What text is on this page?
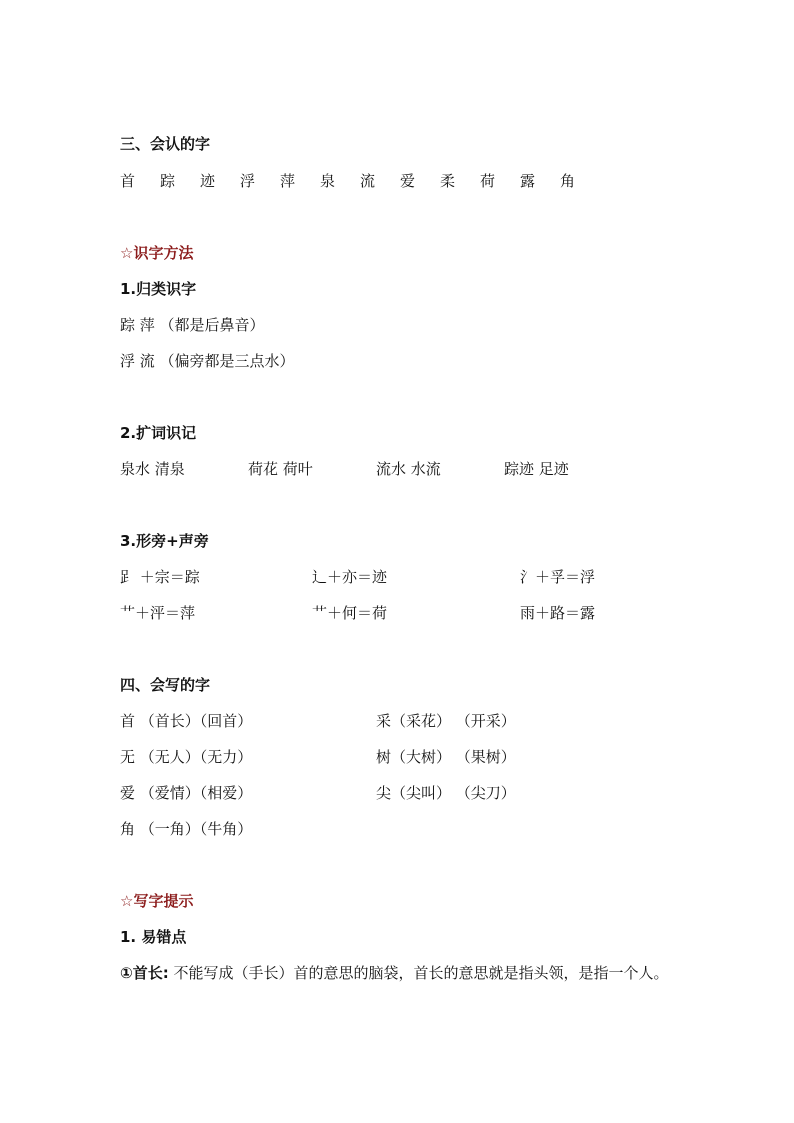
三、会认的字
首 踪 迹 浮 萍 泉 流 爱 柔 荷 露 角
☆识字方法
1.归类识字
踪 萍 （都是后鼻音）
浮 流 （偏旁都是三点水）
2.扩词识记
泉水 清泉	荷花 荷叶	流水 水流	踪迹 足迹
3.形旁+声旁
𧾷 ＋宗＝踪	辶＋亦＝迹	氵＋孚＝浮
艹＋泙＝萍	艹＋何＝荷	雨＋路＝露
四、会写的字
首 （首长）（回首）	采（采花） （开采）
无 （无人）（无力）	树（大树） （果树）
爱 （爱情）（相爱）	尖（尖叫） （尖刀）
角 （一角）（牛角）
☆写字提示
1. 易错点
①首长: 不能写成（手长）首的意思的脑袋，首长的意思就是指头领，是指一个人。
